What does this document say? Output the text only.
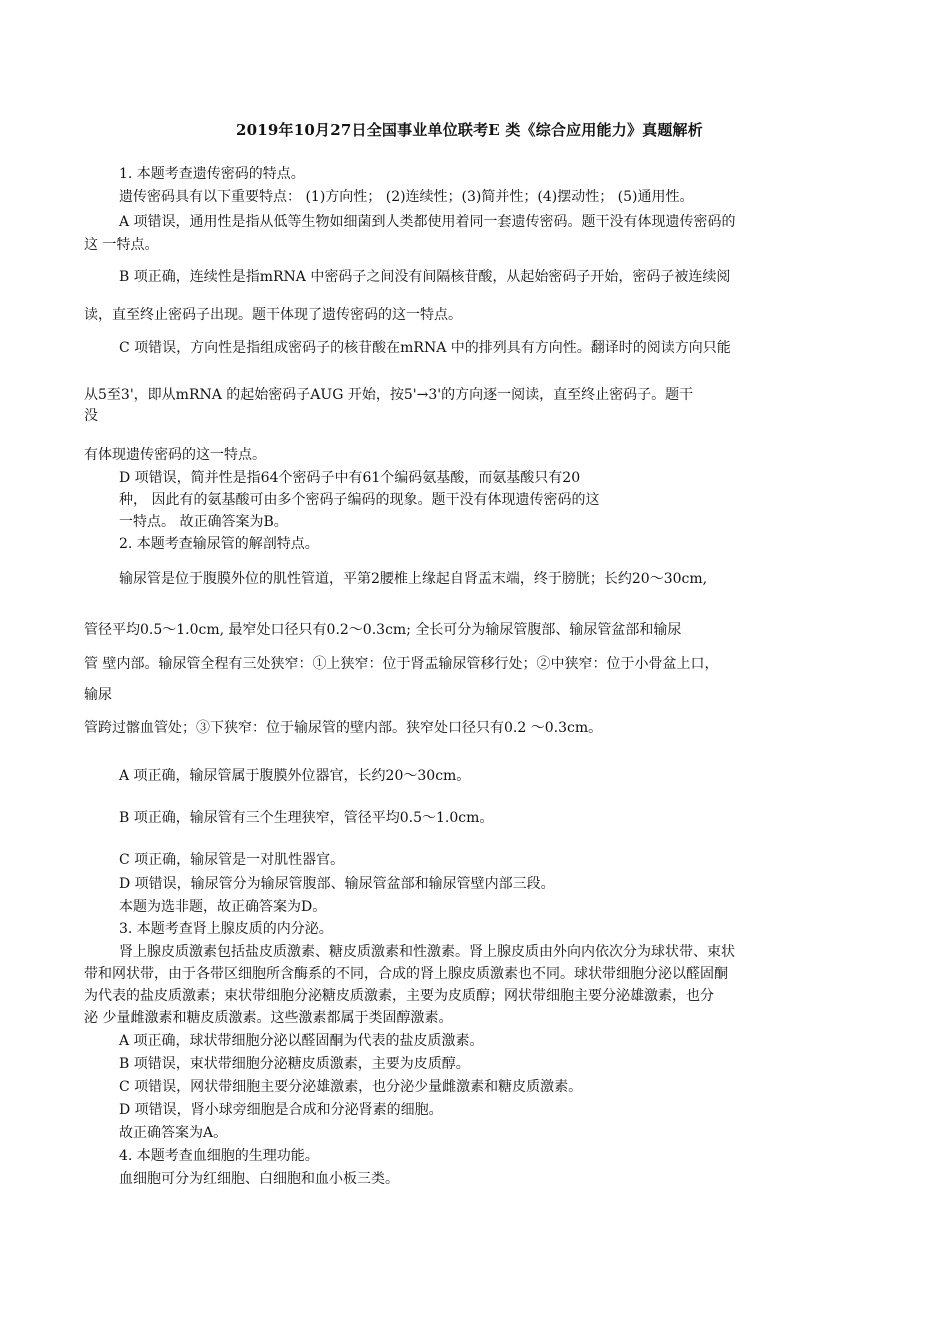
2019年10月27日全国事业单位联考E 类《综合应用能力》真题解析
1. 本题考查遗传密码的特点。
遗传密码具有以下重要特点： (1)方向性； (2)连续性；(3)简并性；(4)摆动性； (5)通用性。
A 项错误，通用性是指从低等生物如细菌到人类都使用着同一套遗传密码。题干没有体现遗传密码的
这 一特点。
B 项正确，连续性是指mRNA 中密码子之间没有间隔核苷酸，从起始密码子开始，密码子被连续阅
读，直至终止密码子出现。题干体现了遗传密码的这一特点。
C 项错误，方向性是指组成密码子的核苷酸在mRNA 中的排列具有方向性。翻译时的阅读方向只能
从5至3'，即从mRNA 的起始密码子AUG 开始，按5'→3'的方向逐一阅读，直至终止密码子。题干
没
有体现遗传密码的这一特点。
D 项错误，简并性是指64个密码子中有61个编码氨基酸，而氨基酸只有20
种， 因此有的氨基酸可由多个密码子编码的现象。题干没有体现遗传密码的这
一特点。 故正确答案为B。
2. 本题考查输尿管的解剖特点。
输尿管是位于腹膜外位的肌性管道，平第2腰椎上缘起自肾盂末端，终于膀胱；长约20～30cm,
管径平均0.5～1.0cm, 最窄处口径只有0.2～0.3cm; 全长可分为输尿管腹部、输尿管盆部和输尿
管 壁内部。输尿管全程有三处狭窄：①上狭窄：位于肾盂输尿管移行处；②中狭窄：位于小骨盆上口，
输尿
管跨过髂血管处；③下狭窄：位于输尿管的壁内部。狭窄处口径只有0.2 ～0.3cm。
A 项正确，输尿管属于腹膜外位器官，长约20～30cm。
B 项正确，输尿管有三个生理狭窄，管径平均0.5～1.0cm。
C 项正确，输尿管是一对肌性器官。
D 项错误，输尿管分为输尿管腹部、输尿管盆部和输尿管壁内部三段。
本题为选非题，故正确答案为D。
3. 本题考查肾上腺皮质的内分泌。
肾上腺皮质激素包括盐皮质激素、糖皮质激素和性激素。肾上腺皮质由外向内依次分为球状带、束状
带和网状带，由于各带区细胞所含酶系的不同，合成的肾上腺皮质激素也不同。球状带细胞分泌以醛固酮
为代表的盐皮质激素；束状带细胞分泌糖皮质激素，主要为皮质醇；网状带细胞主要分泌雄激素，也分
泌 少量雌激素和糖皮质激素。这些激素都属于类固醇激素。
A 项正确，球状带细胞分泌以醛固酮为代表的盐皮质激素。
B 项错误，束状带细胞分泌糖皮质激素，主要为皮质醇。
C 项错误，网状带细胞主要分泌雄激素，也分泌少量雌激素和糖皮质激素。
D 项错误，肾小球旁细胞是合成和分泌肾素的细胞。
故正确答案为A。
4. 本题考查血细胞的生理功能。
血细胞可分为红细胞、白细胞和血小板三类。
